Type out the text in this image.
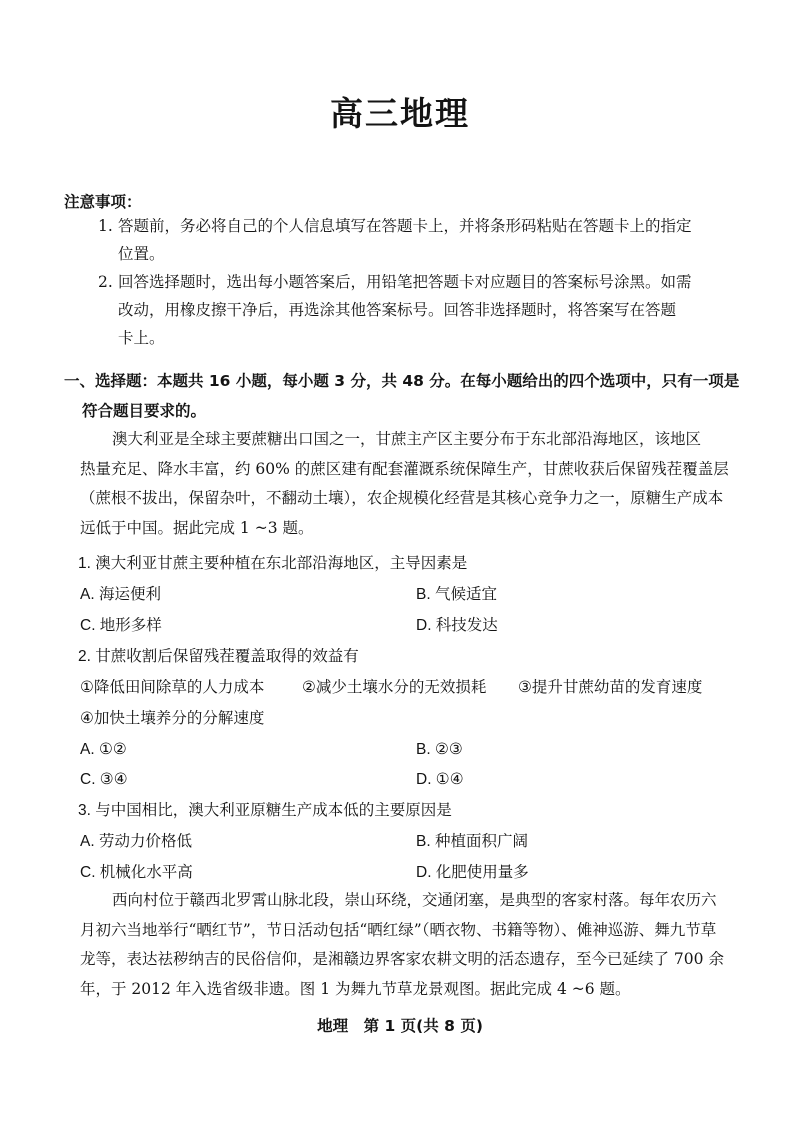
高三地理
注意事项：
1. 答题前，务必将自己的个人信息填写在答题卡上，并将条形码粘贴在答题卡上的指定
位置。
2. 回答选择题时，选出每小题答案后，用铅笔把答题卡对应题目的答案标号涂黑。如需
改动，用橡皮擦干净后，再选涂其他答案标号。回答非选择题时，将答案写在答题
卡上。
一、选择题：本题共 16 小题，每小题 3 分，共 48 分。在每小题给出的四个选项中，只有一项是
符合题目要求的。
澳大利亚是全球主要蔗糖出口国之一，甘蔗主产区主要分布于东北部沿海地区，该地区
热量充足、降水丰富，约 60% 的蔗区建有配套灌溉系统保障生产，甘蔗收获后保留残茬覆盖层
（蔗根不拔出，保留杂叶，不翻动土壤），农企规模化经营是其核心竞争力之一，原糖生产成本
远低于中国。据此完成 1 ~3 题。
1. 澳大利亚甘蔗主要种植在东北部沿海地区，主导因素是
A. 海运便利	B. 气候适宜
C. 地形多样	D. 科技发达
2. 甘蔗收割后保留残茬覆盖取得的效益有
①降低田间除草的人力成本 ②减少土壤水分的无效损耗 ③提升甘蔗幼苗的发育速度
④加快土壤养分的分解速度
A. ①②	B. ②③
C. ③④	D. ①④
3. 与中国相比，澳大利亚原糖生产成本低的主要原因是
A. 劳动力价格低	B. 种植面积广阔
C. 机械化水平高	D. 化肥使用量多
西向村位于赣西北罗霄山脉北段，崇山环绕，交通闭塞，是典型的客家村落。每年农历六
月初六当地举行“晒红节”，节日活动包括“晒红绿”（晒衣物、书籍等物）、傩神巡游、舞九节草
龙等，表达祛秽纳吉的民俗信仰，是湘赣边界客家农耕文明的活态遗存，至今已延续了 700 余
年，于 2012 年入选省级非遗。图 1 为舞九节草龙景观图。据此完成 4 ~6 题。
地理　第 1 页(共 8 页)
